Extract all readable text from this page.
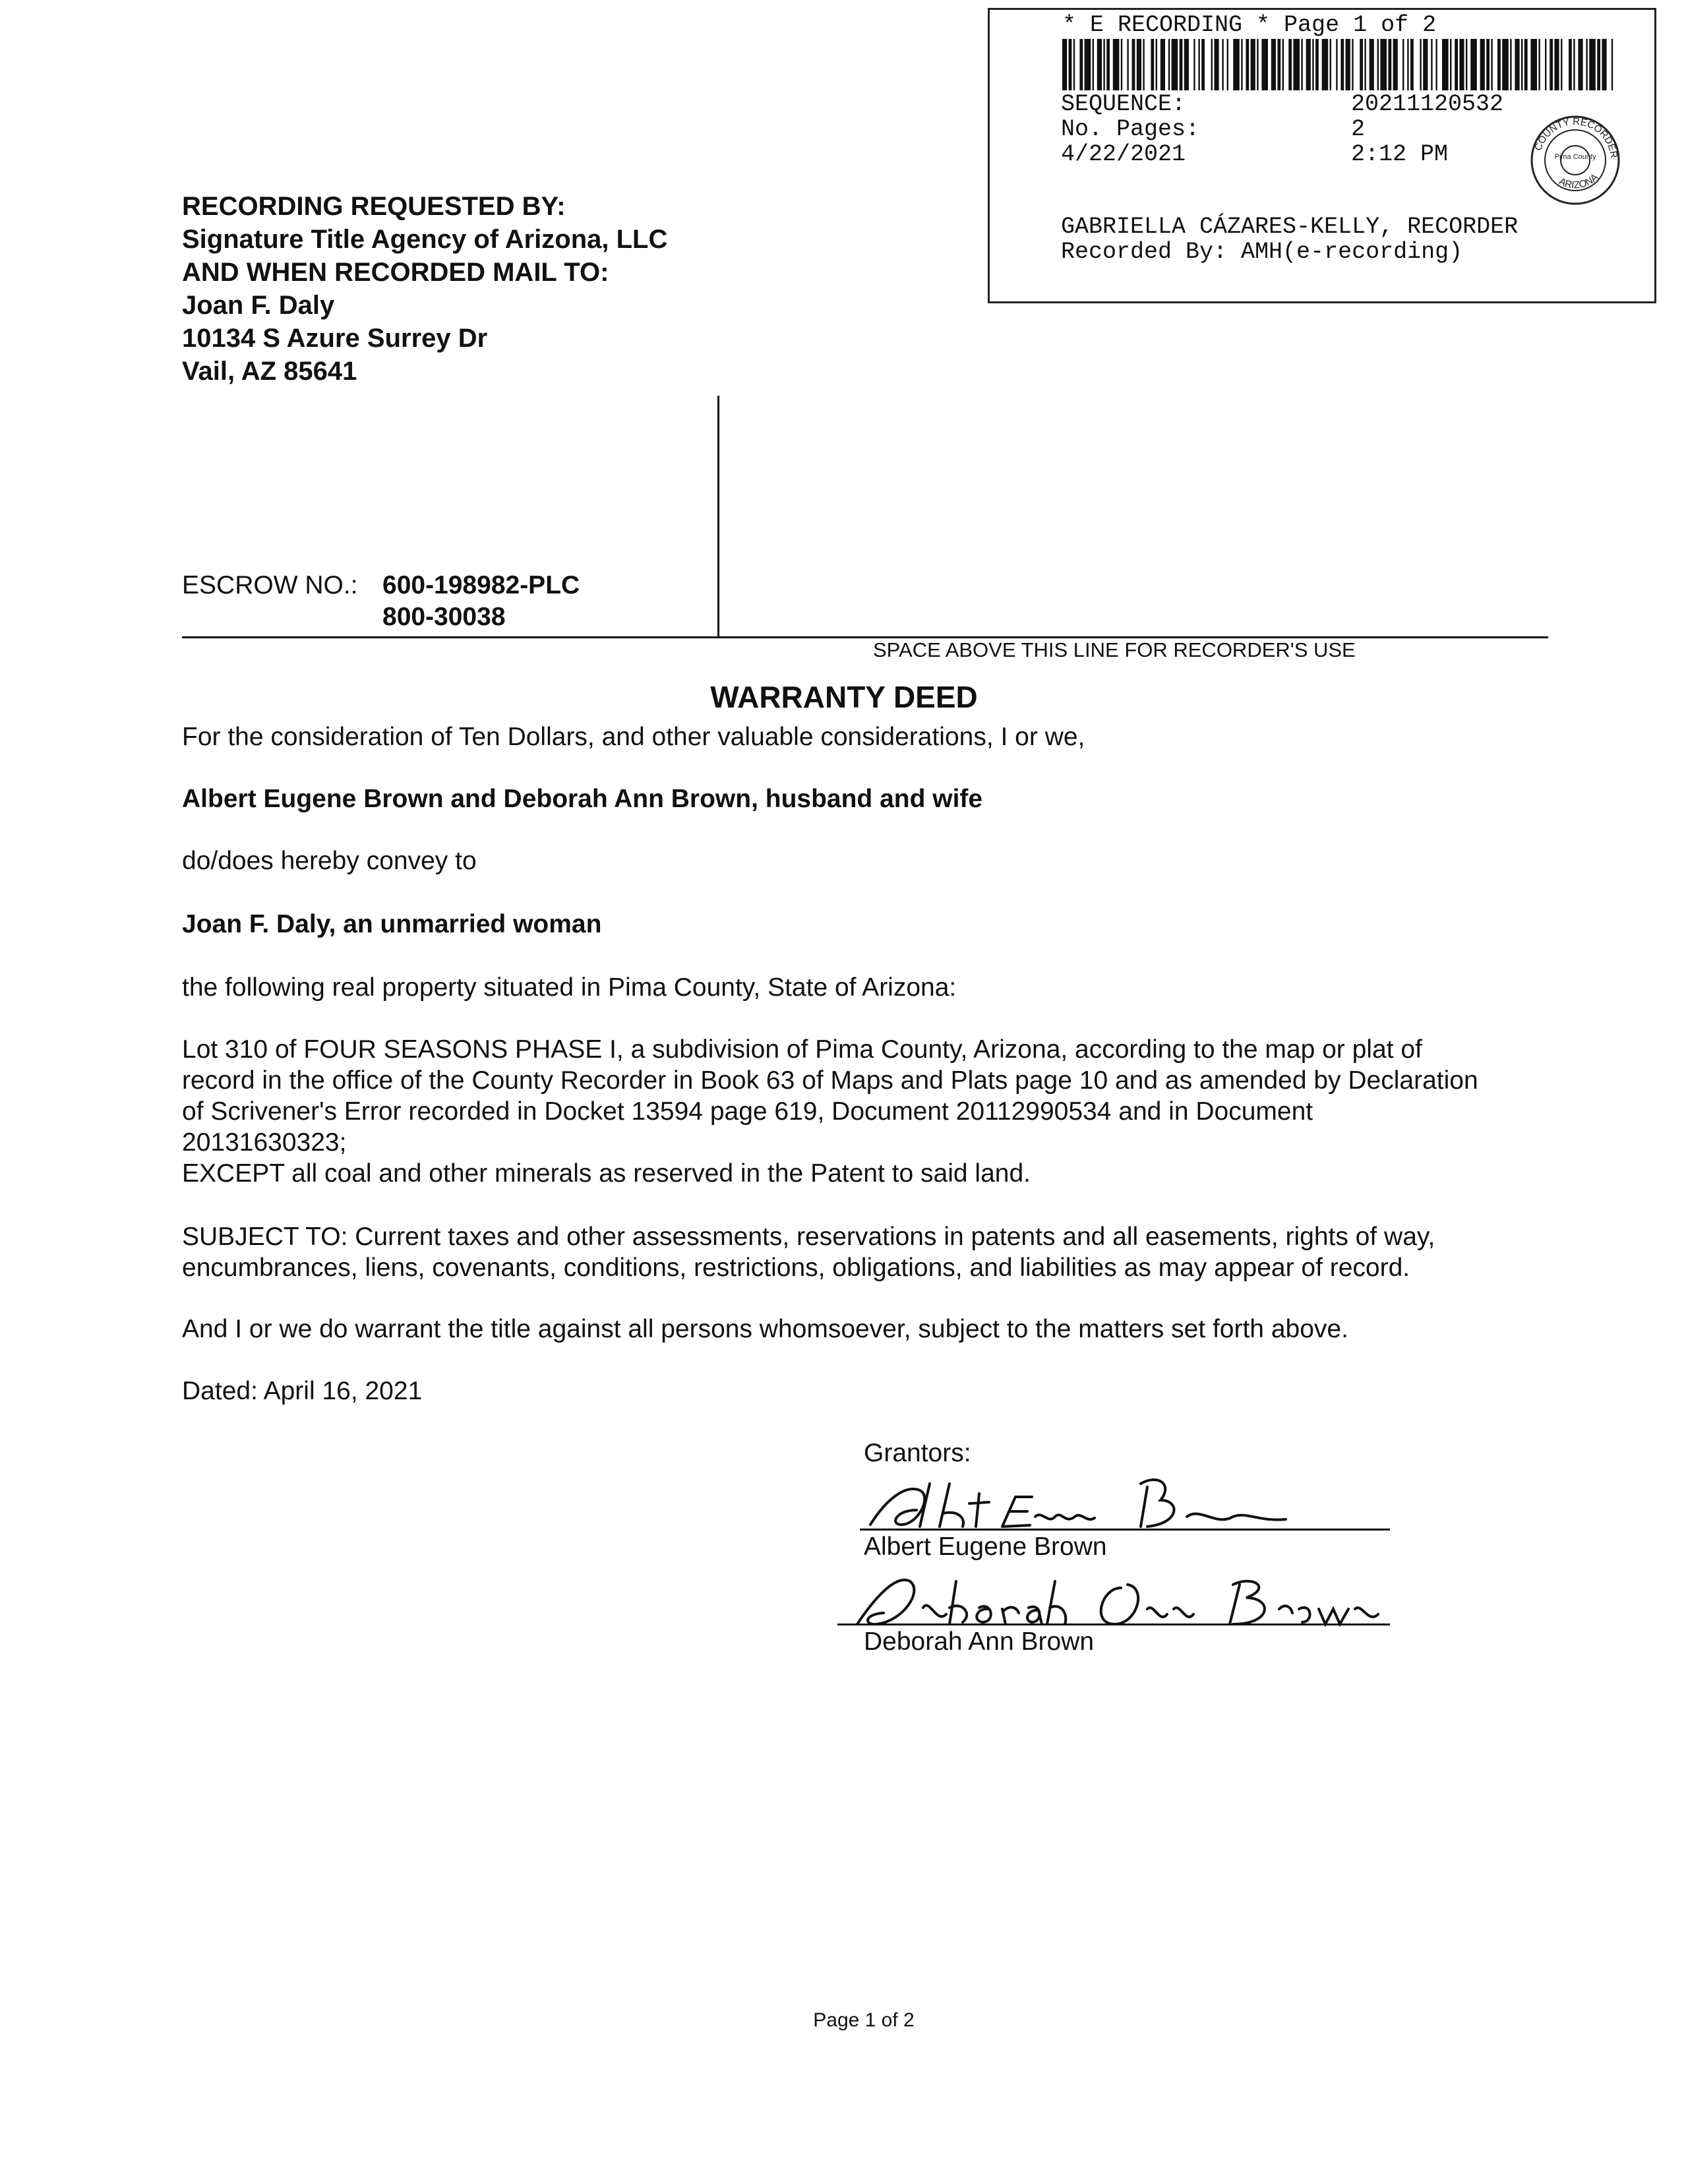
* E RECORDING * Page 1 of 2
SEQUENCE:	20211120532
No. Pages:	2
4/22/2021	2:12 PM	COUNTY RECORDER
Pima County
ARIZONA
GABRIELLA CÁZARES-KELLY, RECORDER
Recorded By: AMH(e-recording)
RECORDING REQUESTED BY:
Signature Title Agency of Arizona, LLC
AND WHEN RECORDED MAIL TO:
Joan F. Daly
10134 S Azure Surrey Dr
Vail, AZ 85641
ESCROW NO.: 600-198982-PLC
800-30038
SPACE ABOVE THIS LINE FOR RECORDER'S USE
WARRANTY DEED
For the consideration of Ten Dollars, and other valuable considerations, I or we,
Albert Eugene Brown and Deborah Ann Brown, husband and wife
do/does hereby convey to
Joan F. Daly, an unmarried woman
the following real property situated in Pima County, State of Arizona:
Lot 310 of FOUR SEASONS PHASE I, a subdivision of Pima County, Arizona, according to the map or plat of
record in the office of the County Recorder in Book 63 of Maps and Plats page 10 and as amended by Declaration
of Scrivener's Error recorded in Docket 13594 page 619, Document 20112990534 and in Document
20131630323;
EXCEPT all coal and other minerals as reserved in the Patent to said land.
SUBJECT TO: Current taxes and other assessments, reservations in patents and all easements, rights of way,
encumbrances, liens, covenants, conditions, restrictions, obligations, and liabilities as may appear of record.
And I or we do warrant the title against all persons whomsoever, subject to the matters set forth above.
Dated: April 16, 2021
Grantors:
Albert Eugene Brown
Deborah Ann Brown
Page 1 of 2
